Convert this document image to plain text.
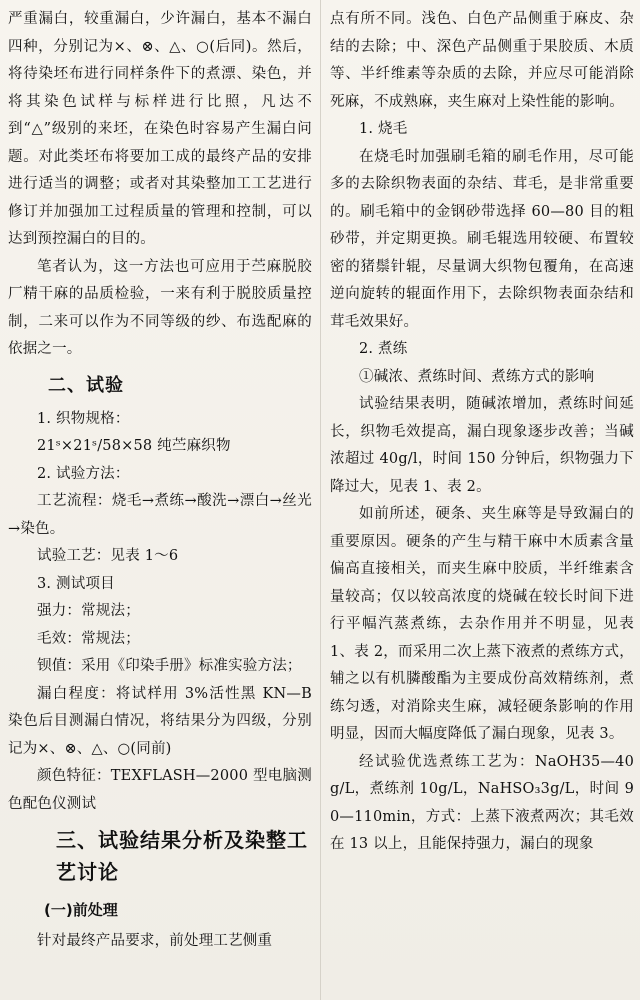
严重漏白，较重漏白，少许漏白，基本不漏白四种，分别记为×、⊗、△、○(后同)。然后，将待染坯布进行同样条件下的煮漂、染色，并将其染色试样与标样进行比照，凡达不到“△”级别的来坯，在染色时容易产生漏白问题。对此类坯布将要加工成的最终产品的安排进行适当的调整；或者对其染整加工工艺进行修订并加强加工过程质量的管理和控制，可以达到预控漏白的目的。

笔者认为，这一方法也可应用于苎麻脱胶厂精干麻的品质检验，一来有利于脱胶质量控制，二来可以作为不同等级的纱、布选配麻的依据之一。

二、试验

1. 织物规格：

21ˢ×21ˢ/58×58 纯苎麻织物

2. 试验方法：

工艺流程：烧毛→煮练→酸洗→漂白→丝光→染色。

试验工艺：见表 1～6

3. 测试项目

强力：常规法；

毛效：常规法；

钡值：采用《印染手册》标准实验方法；

漏白程度：将试样用 3%活性黑 KN—B 染色后目测漏白情况，将结果分为四级，分别记为×、⊗、△、○(同前)

颜色特征：TEXFLASH—2000 型电脑测色配色仪测试

三、试验结果分析及染整工艺讨论
(一)前处理

针对最终产品要求，前处理工艺侧重

点有所不同。浅色、白色产品侧重于麻皮、杂结的去除；中、深色产品侧重于果胶质、木质等、半纤维素等杂质的去除，并应尽可能消除死麻，不成熟麻，夹生麻对上染性能的影响。

1. 烧毛

在烧毛时加强刷毛箱的刷毛作用，尽可能多的去除织物表面的杂结、茸毛，是非常重要的。刷毛箱中的金钢砂带选择 60—80 目的粗砂带，并定期更换。刷毛辊选用较硬、布置较密的猪鬃针辊，尽量调大织物包覆角，在高速逆向旋转的辊面作用下，去除织物表面杂结和茸毛效果好。

2. 煮练

①碱浓、煮练时间、煮练方式的影响

试验结果表明，随碱浓增加，煮练时间延长，织物毛效提高，漏白现象逐步改善；当碱浓超过 40g/l，时间 150 分钟后，织物强力下降过大，见表 1、表 2。

如前所述，硬条、夹生麻等是导致漏白的重要原因。硬条的产生与精干麻中木质素含量偏高直接相关，而夹生麻中胶质，半纤维素含量较高；仅以较高浓度的烧碱在较长时间下进行平幅汽蒸煮练，去杂作用并不明显，见表 1、表 2，而采用二次上蒸下液煮的煮练方式，辅之以有机膦酸酯为主要成份高效精练剂，煮练匀透，对消除夹生麻，减轻硬条影响的作用明显，因而大幅度降低了漏白现象，见表 3。

经试验优选煮练工艺为：NaOH35—40g/L，煮练剂 10g/L，NaHSO₃3g/L，时间 90—110min，方式：上蒸下液煮两次；其毛效在 13 以上，且能保持强力，漏白的现象
